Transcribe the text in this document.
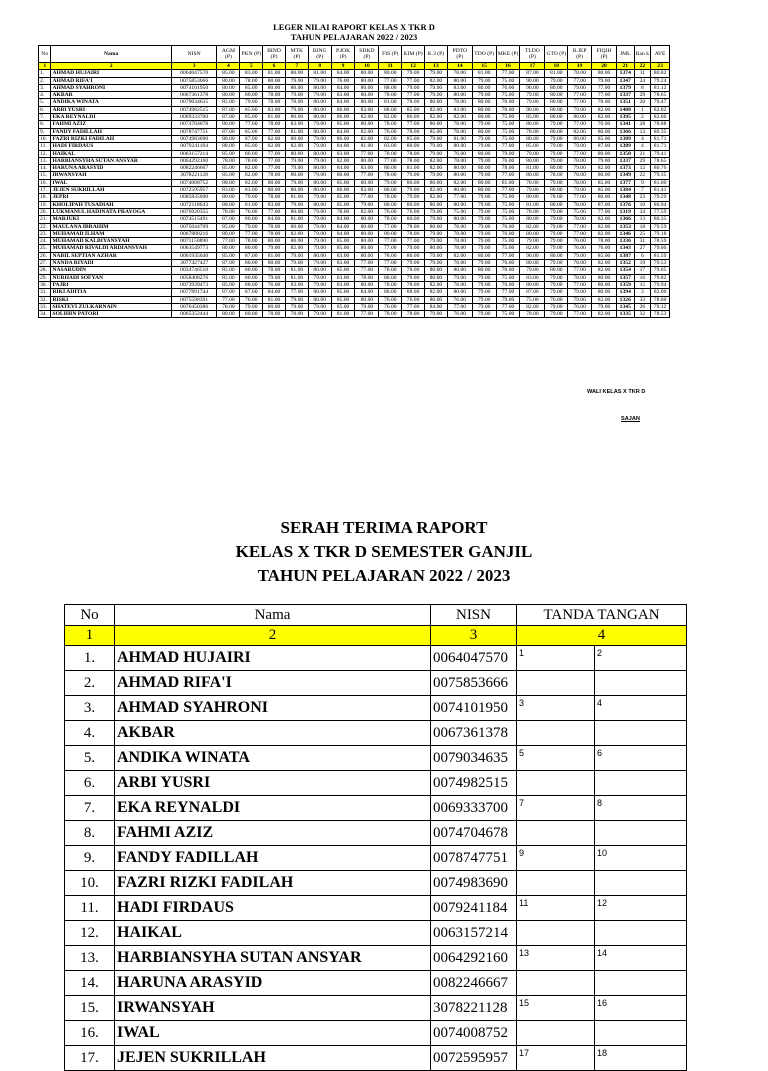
LEGER NILAI RAPORT KELAS X TKR D
TAHUN PELAJARAN 2022 / 2023
No	Nama	NISN	AGM (P)	PKN (P)	BIND (P)	MTK (P)	BING (P)	P.JOK (P)	SDKD (P)	FIS (P)	KIM (P)	K.3 (P)	PDTO (P)	TDO (P)	MKE (P)	TLDO (P)	GTO (P)	B.JEP (P)	FIQIH (P)	JML	Ran k	AVE
1	2	3	4	5	6	7	8	9	10	11	12	13	14	15	16	17	18	19	20	21	22	23
1.	AHMAD HUJAIRI	0064047570	85.00	83.00	81.00	80.00	81.00	84.00	80.00	80.00	79.00	79.00	78.00	81.00	77.00	87.00	81.00	78.00	80.00	1374	11	80.82
2.	AHMAD RIFA'I	0075853666	80.00	78.00	80.00	79.00	79.00	76.00	80.00	77.00	77.00	82.00	80.00	79.00	75.00	90.00	79.00	77.00	79.00	1347	24	79.24
3.	AHMAD SYAHRONI	0074101950	80.00	85.00	80.00	80.00	80.00	84.00	80.00	88.00	79.00	79.00	83.00	80.00	76.00	90.00	80.00	79.00	77.00	1379	8	81.12
4.	AKBAR	0067361378	80.00	80.00	78.00	79.00	79.00	83.00	80.00	78.00	77.00	79.00	80.00	79.00	75.00	79.00	80.00	77.00	77.00	1337	29	78.65
5.	ANDIKA WINATA	0079034635	85.00	79.00	78.00	78.00	80.00	84.00	80.00	81.00	78.00	80.00	78.00	80.00	76.00	79.00	80.00	77.00	78.00	1351	20	79.47
6.	ARBI YUSRI	0074982515	87.00	85.00	83.00	79.00	80.00	86.00	83.00	88.00	85.00	82.00	83.00	80.00	76.00	90.00	80.00	79.00	82.00	1408	1	82.82
7.	EKA REYNALDI	0069333700	87.00	85.00	81.00	80.00	80.00	86.00	82.00	82.00	86.00	82.00	82.00	80.00	75.00	85.00	80.00	80.00	82.00	1395	2	82.06
8.	FAHMI AZIZ	0074704678	80.00	77.00	78.00	83.00	79.00	85.00	80.00	78.00	77.00	80.00	78.00	79.00	75.00	80.00	79.00	77.00	76.00	1341	28	78.88
9.	FANDY FADILLAH	0078747751	87.00	85.00	77.00	81.00	80.00	84.00	82.00	76.00	78.00	85.00	78.00	80.00	75.00	78.00	80.00	82.00	80.00	1366	13	80.35
10.	FAZRI RIZKI FADILAH	0074983690	88.00	87.00	82.00	80.00	79.00	86.00	82.00	82.00	85.00	79.00	81.00	79.00	75.00	80.00	79.00	80.00	85.00	1389	4	81.71
11.	HADI FIRDAUS	0079241184	88.00	85.00	82.00	82.00	79.00	84.00	81.00	83.00	80.00	79.00	80.00	79.00	77.00	85.00	79.00	79.00	87.00	1389	4	81.71
12.	HAIKAL	0063157214	85.00	80.00	77.00	80.00	80.00	83.00	77.00	78.00	78.00	79.00	76.00	80.00	79.00	79.00	79.00	77.00	80.00	1350	21	79.41
13.	HARBIANSYHA SUTAN ANSYAR	0064292160	78.00	78.00	77.00	79.00	79.00	82.00	80.00	77.00	78.00	82.00	78.00	79.00	76.00	80.00	79.00	78.00	79.00	1337	29	78.65
14.	HARUNA ARASYID	0082246667	85.00	82.00	77.00	79.00	80.00	84.00	83.00	80.00	81.00	82.00	80.00	80.00	78.00	81.00	80.00	79.00	82.00	1373	12	80.76
15.	IRWANSYAH	3078221128	85.00	82.00	78.00	80.00	79.00	80.00	77.00	78.00	79.00	79.00	80.00	79.00	77.00	80.00	78.00	78.00	80.00	1349	22	79.35
16.	IWAL	0074008752	88.00	82.00	80.00	79.00	80.00	85.00	80.00	79.00	80.00	80.00	82.00	80.00	81.00	78.00	79.00	78.00	85.00	1377	9	81.00
17.	JEJEN SUKRILLAH	0072595957	83.00	83.00	80.00	80.00	80.00	86.00	83.00	80.00	79.00	82.00	80.00	80.00	77.00	79.00	80.00	79.00	85.00	1384	7	81.41
18.	JEPRI	0085835690	80.00	79.00	78.00	81.00	79.00	85.00	77.00	78.00	79.00	82.00	77.00	79.00	75.00	80.00	78.00	77.00	80.00	1348	23	79.29
19.	KHOLIPAH TUSADIAH	0072118643	88.00	81.00	83.00	79.00	80.00	85.00	79.00	80.00	80.00	80.00	80.00	79.00	75.00	81.00	80.00	78.00	87.00	1376	10	80.94
20.	LUKMANUL HADINATA PRAYOGA	0076920355	78.00	76.00	77.00	80.00	79.00	78.00	82.00	76.00	76.00	79.00	75.00	79.00	75.00	78.00	79.00	75.00	77.00	1319	34	77.59
21.	MARJUKI	0074515491	87.00	80.00	84.00	81.00	79.00	84.00	80.00	78.00	80.00	79.00	80.00	79.00	75.00	80.00	79.00	78.00	82.00	1366	13	80.35
22.	MAULANA IBRAHIM	0075044709	85.00	79.00	78.00	80.00	79.00	84.00	80.00	77.00	78.00	80.00	78.00	79.00	76.00	82.00	79.00	77.00	82.00	1353	18	79.59
23.	MUHAMAD ILHAM	0067888216	80.00	77.00	78.00	82.00	79.00	84.00	80.00	80.00	78.00	79.00	78.00	79.00	76.00	80.00	79.00	77.00	82.00	1346	25	79.18
24.	MUHAMAD KALBIYANSYAH	0071150890	77.00	78.00	80.00	80.00	79.00	85.00	80.00	77.00	77.00	79.00	78.00	79.00	75.00	79.00	79.00	76.00	78.00	1336	31	78.59
25.	MUHAMAD RIVALDI ARDIANSYAH	0063549773	80.00	80.00	79.00	82.00	79.00	85.00	80.00	77.00	79.00	80.00	78.00	79.00	75.00	82.00	79.00	76.00	76.00	1343	27	79.00
26.	NABIL SEPTIAN AZHAR	0061935640	85.00	87.00	81.00	79.00	80.00	83.00	80.00	78.00	80.00	79.00	82.00	80.00	77.00	90.00	80.00	79.00	85.00	1387	6	81.59
27.	NANDA RIYADI	3077427427	87.00	80.00	80.00	79.00	79.00	83.00	77.00	77.00	79.00	79.00	78.00	79.00	76.00	80.00	79.00	78.00	82.00	1352	19	79.53
28.	NASARUDIN	0034746510	85.00	80.00	78.00	81.00	80.00	85.00	77.00	78.00	78.00	80.00	80.00	80.00	76.00	79.00	80.00	77.00	82.00	1354	17	79.65
29.	NURHADI SOFYAN	0058408276	85.00	80.00	79.00	81.00	79.00	83.00	78.00	80.00	79.00	80.00	79.00	79.00	75.00	83.00	79.00	78.00	80.00	1357	16	79.82
30.	PAJRI	0073939473	85.00	88.00	76.00	83.00	79.00	83.00	80.00	78.00	78.00	82.00	78.00	79.00	76.00	80.00	79.00	77.00	80.00	1359	15	79.94
31.	RIKI ADITIA	0077891744	87.00	87.00	84.00	77.00	80.00	85.00	84.00	80.00	88.00	82.00	80.00	79.00	77.00	87.00	79.00	79.00	80.00	1394	3	82.00
32.	RISKI	0075598391	77.00	76.00	81.00	79.00	80.00	85.00	80.00	76.00	76.00	80.00	76.00	79.00	79.00	75.00	76.00	79.00	82.00	1326	33	78.00
33.	SHATEVI ZULKARNAIN	0076450386	78.00	79.00	80.00	79.00	79.00	85.00	79.00	76.00	77.00	84.00	77.00	79.00	77.00	82.00	79.00	76.00	79.00	1345	26	79.12
34.	SOLIHIN PATORI	0065352444	80.00	80.00	78.00	78.00	79.00	81.00	77.00	78.00	78.00	79.00	76.00	79.00	75.00	78.00	79.00	77.00	82.00	1335	32	78.53
WALI KELAS X TKR D
SAJAN
SERAH TERIMA RAPORT
KELAS X TKR D SEMESTER GANJIL
TAHUN PELAJARAN 2022 / 2023
No	Nama	NISN	TANDA TANGAN	
1	2	3	4	
1.	AHMAD HUJAIRI	0064047570	1	2
2.	AHMAD RIFA'I	0075853666		
3.	AHMAD SYAHRONI	0074101950	3	4
4.	AKBAR	0067361378		
5.	ANDIKA WINATA	0079034635	5	6
6.	ARBI YUSRI	0074982515		
7.	EKA REYNALDI	0069333700	7	8
8.	FAHMI AZIZ	0074704678		
9.	FANDY FADILLAH	0078747751	9	10
10.	FAZRI RIZKI FADILAH	0074983690		
11.	HADI FIRDAUS	0079241184	11	12
12.	HAIKAL	0063157214		
13.	HARBIANSYHA SUTAN ANSYAR	0064292160	13	14
14.	HARUNA ARASYID	0082246667		
15.	IRWANSYAH	3078221128	15	16
16.	IWAL	0074008752		
17.	JEJEN SUKRILLAH	0072595957	17	18
